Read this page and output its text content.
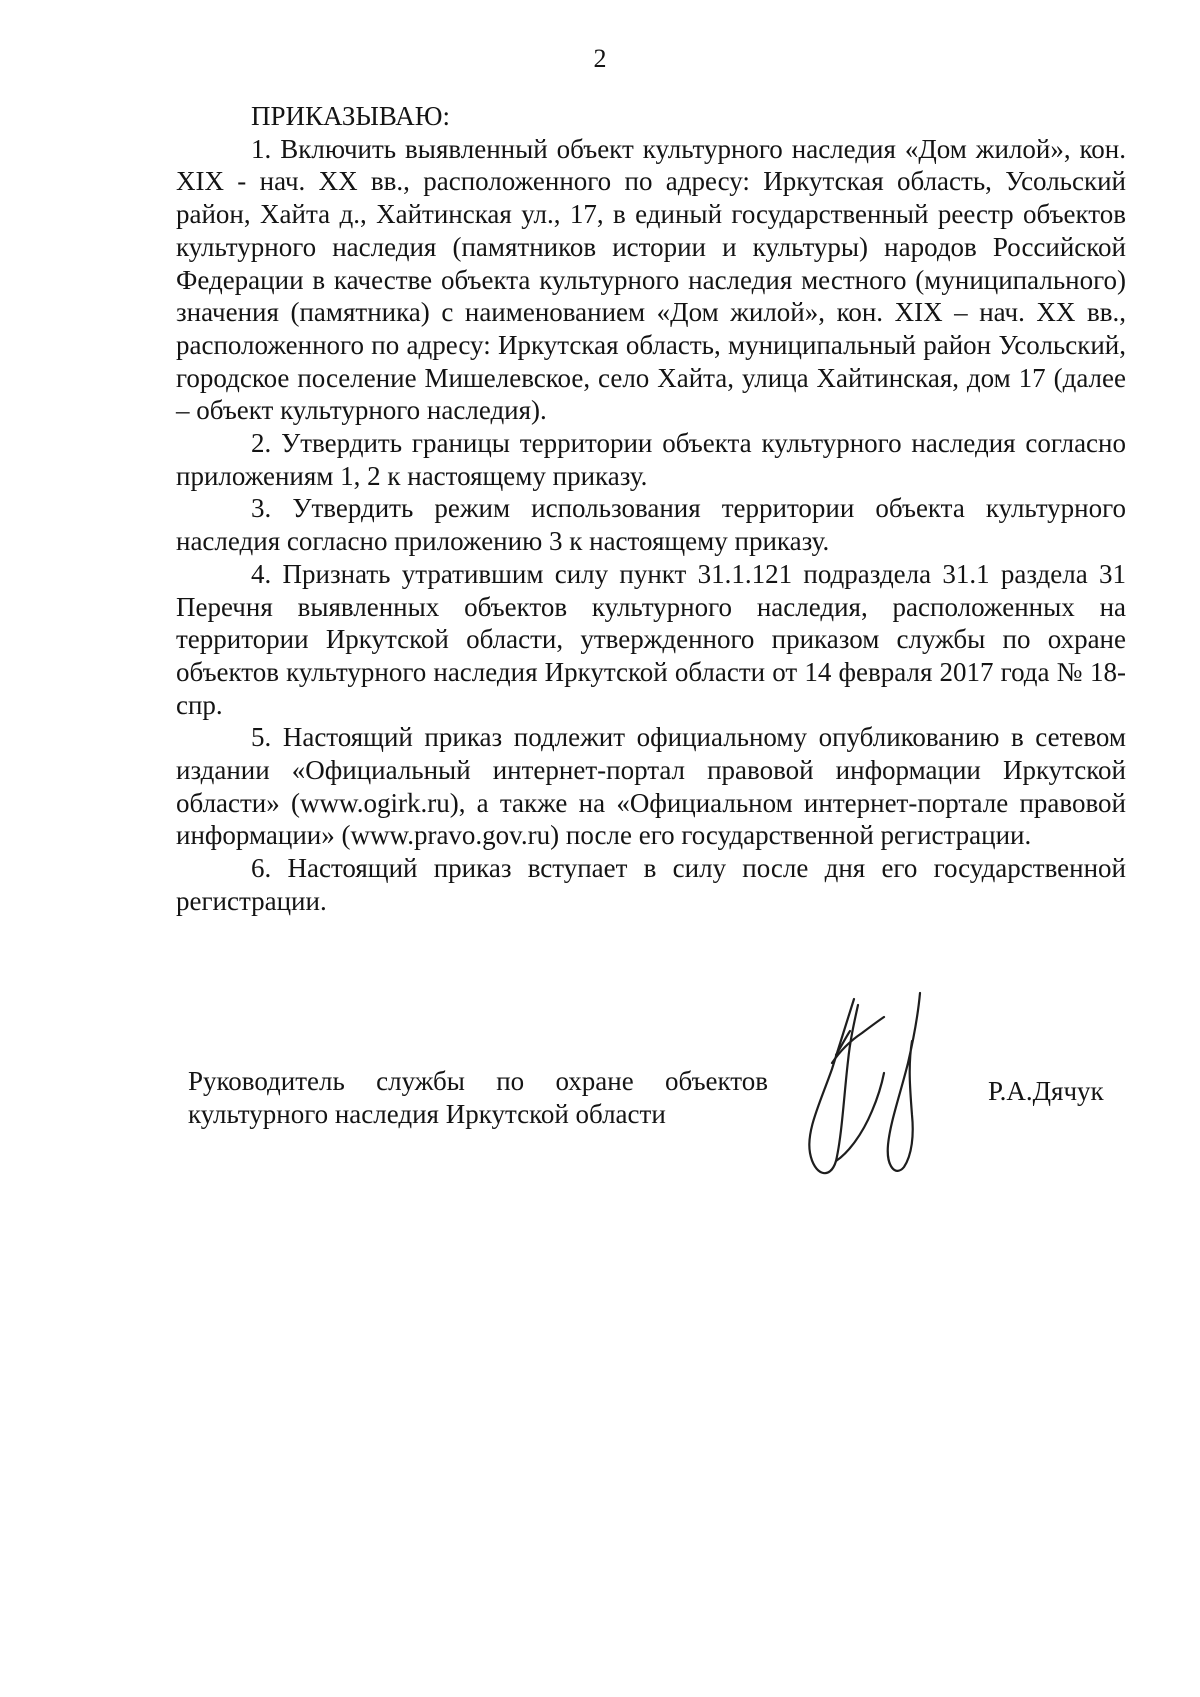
2

ПРИКАЗЫВАЮ:

1. Включить выявленный объект культурного наследия «Дом жилой», кон. XIX - нач. XX вв., расположенного по адресу: Иркутская область, Усольский район, Хайта д., Хайтинская ул., 17, в единый государственный реестр объектов культурного наследия (памятников истории и культуры) народов Российской Федерации в качестве объекта культурного наследия местного (муниципального) значения (памятника) с наименованием «Дом жилой», кон. XIX – нач. XX вв., расположенного по адресу: Иркутская область, муниципальный район Усольский, городское поселение Мишелевское, село Хайта, улица Хайтинская, дом 17 (далее – объект культурного наследия).

2. Утвердить границы территории объекта культурного наследия согласно приложениям 1, 2 к настоящему приказу.

3. Утвердить режим использования территории объекта культурного наследия согласно приложению 3 к настоящему приказу.

4. Признать утратившим силу пункт 31.1.121 подраздела 31.1 раздела 31 Перечня выявленных объектов культурного наследия, расположенных на территории Иркутской области, утвержденного приказом службы по охране объектов культурного наследия Иркутской области от 14 февраля 2017 года № 18-спр.

5. Настоящий приказ подлежит официальному опубликованию в сетевом издании «Официальный интернет-портал правовой информации Иркутской области» (www.ogirk.ru), а также на «Официальном интернет-портале правовой информации» (www.pravo.gov.ru) после его государственной регистрации.

6. Настоящий приказ вступает в силу после дня его государственной регистрации.

Руководитель службы по охране объектов

культурного наследия Иркутской области

Р.А.Дячук
